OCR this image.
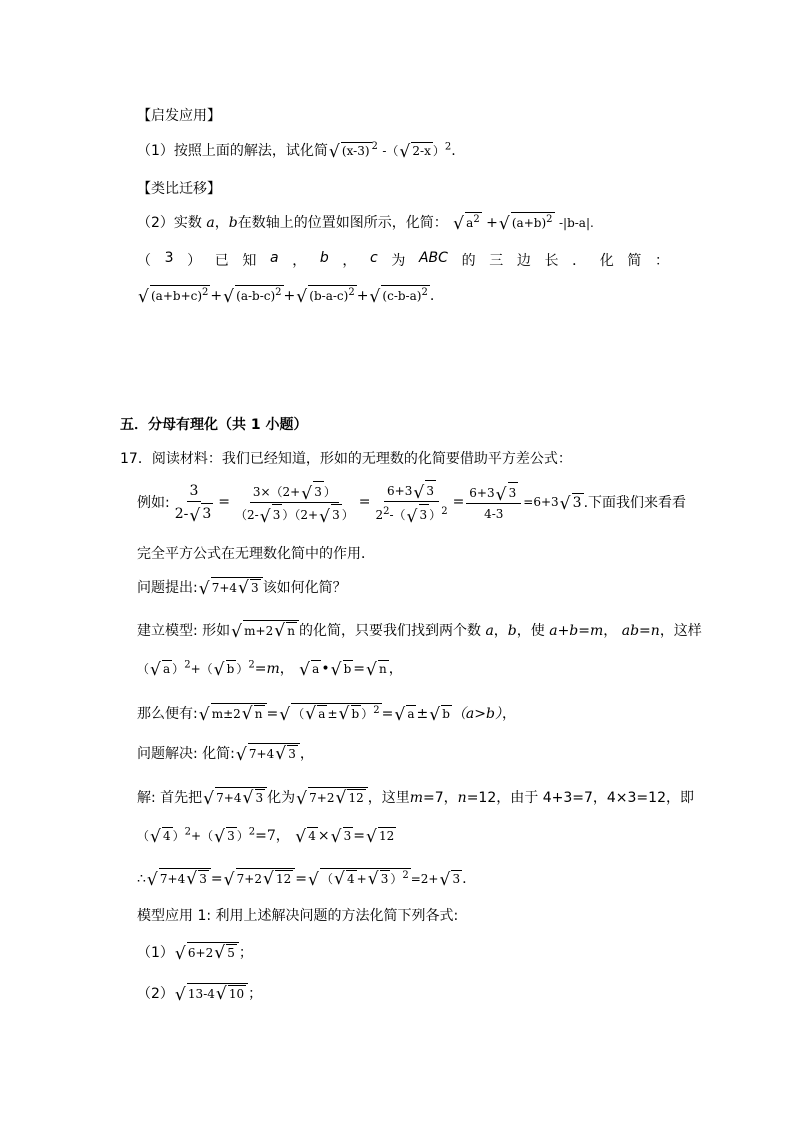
【启发应用】
（1）按照上面的解法，试化简 √ (x-3) $^2$ -（ √ 2-x ）$^2$.
【类比迁移】
（2）实数 a，b在数轴上的位置如图所示，化简： √ $a^2$ + √ $(a+b)^2$ -|b-a|.
（ 3 ） 已 知 a ， b ， c 为 ABC 的 三 边 长 ． 化 简 ：
√ $(a+b+c)^2$ + √ $(a-b-c)^2$ + √ $(b-a-c)^2$ + √ $(c-b-a)^2$ .
五．分母有理化（共 1 小题）
17．阅读材料：我们已经知道，形如的无理数的化简要借助平方差公式：
例如: $\frac{3}{2- √ 3} = \frac{3\times(2+ √ 3 )}{(2- √ 3 )(2+ √ 3 )} = \frac{6+3 √ 3}{2^2-( √ 3 )^2} = \frac{6+3 √ 3}{4-3} =6+3$	√ 3 .下面我们来看看
完全平方公式在无理数化简中的作用．
问题提出: √ 7+4 √ 3 该如何化简？
建立模型: 形如 √ m+2 √ n 的化简，只要我们找到两个数 a，b，使 a+b=m， ab=n，这样
（ √ a ）$^2$+（ √ b ）$^2$=m， √ a • √ b = √ n ，
那么便有: √ m±2 √ n = √ （ √ a ± √ b ）$^2$ = √ a ± √ b （a>b），
问题解决: 化简: √ 7+4 √ 3 ，
解: 首先把 √ 7+4 √ 3 化为 √ 7+2 √ 12 ，这里m=7，n=12，由于 4+3=7，4×3=12，即
（ √ 4 ）$^2$+（ √ 3 ）$^2$=7， √ 4 × √ 3 = √ 12
∴ √ 7+4 √ 3 = √ 7+2 √ 12 = √ （ √ 4 + √ 3 ）$^2$ =2+ √ 3 .
模型应用 1: 利用上述解决问题的方法化简下列各式:
（1） √ 6+2 √ 5 ；
（2） √ 13-4 √ 10 ；
